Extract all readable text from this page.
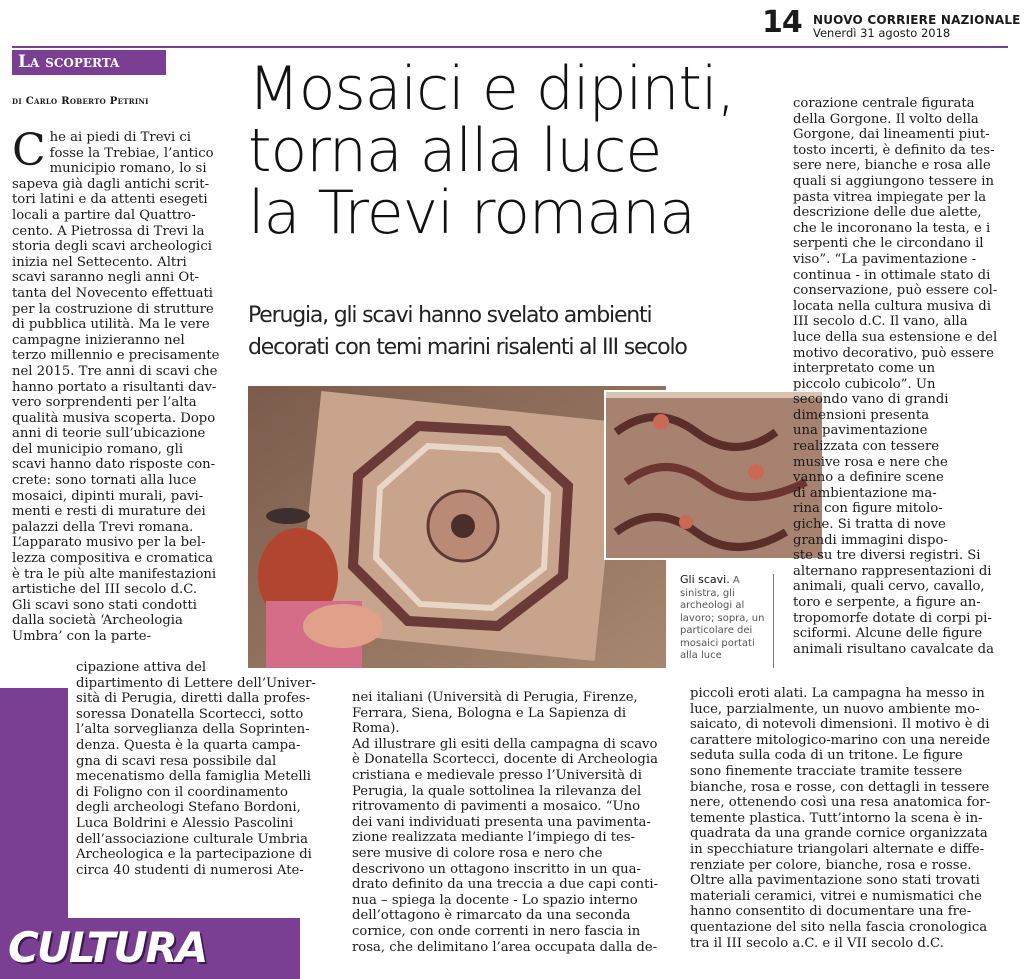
14 NUOVO CORRIERE NAZIONALE
Venerdì 31 agosto 2018
La scoperta
di Carlo Roberto Petrini Mosaici e dipinti,
torna alla luce
la Trevi romana
Perugia, gli scavi hanno svelato ambienti
decorati con temi marini risalenti al III secolo
C he ai piedi di Trevi ci
fosse la Trebiae, l’antico
municipio romano, lo si
sapeva già dagli antichi scrit-
tori latini e da attenti esegeti
locali a partire dal Quattro-
cento. A Pietrossa di Trevi la
storia degli scavi archeologici
inizia nel Settecento. Altri
scavi saranno negli anni Ot-
tanta del Novecento effettuati
per la costruzione di strutture
di pubblica utilità. Ma le vere
campagne inizieranno nel
terzo millennio e precisamente
nel 2015. Tre anni di scavi che
hanno portato a risultanti dav-
vero sorprendenti per l’alta
qualità musiva scoperta. Dopo
anni di teorie sull’ubicazione
del municipio romano, gli
scavi hanno dato risposte con-
crete: sono tornati alla luce
mosaici, dipinti murali, pavi-
menti e resti di murature dei
palazzi della Trevi romana.
L’apparato musivo per la bel-
lezza compositiva e cromatica
è tra le più alte manifestazioni
artistiche del III secolo d.C.
Gli scavi sono stati condotti
dalla società ‘Archeologia
Umbra’ con la parte-
Gli scavi. A sinistra, gli archeologi al lavoro; sopra, un particolare dei mosaici portati alla luce
corazione centrale figurata
della Gorgone. Il volto della
Gorgone, dai lineamenti piut-
tosto incerti, è definito da tes-
sere nere, bianche e rosa alle
quali si aggiungono tessere in
pasta vitrea impiegate per la
descrizione delle due alette,
che le incoronano la testa, e i
serpenti che le circondano il
viso”. “La pavimentazione -
continua - in ottimale stato di
conservazione, può essere col-
locata nella cultura musiva di
III secolo d.C. Il vano, alla
luce della sua estensione e del
motivo decorativo, può essere
interpretato come un
piccolo cubicolo”. Un
secondo vano di grandi
dimensioni presenta
una pavimentazione
realizzata con tessere
musive rosa e nere che
vanno a definire scene
di ambientazione ma-
rina con figure mitolo-
giche. Si tratta di nove
grandi immagini dispo-
ste su tre diversi registri. Si
alternano rappresentazioni di
animali, quali cervo, cavallo,
toro e serpente, a figure an-
tropomorfe dotate di corpi pi-
sciformi. Alcune delle figure
animali risultano cavalcate da
cipazione attiva del
dipartimento di Lettere dell’Univer-
sità di Perugia, diretti dalla profes-
soressa Donatella Scortecci, sotto
l’alta sorveglianza della Soprinten-
denza. Questa è la quarta campa-
gna di scavi resa possibile dal
mecenatismo della famiglia Metelli
di Foligno con il coordinamento
degli archeologi Stefano Bordoni,
Luca Boldrini e Alessio Pascolini
dell’associazione culturale Umbria
Archeologica e la partecipazione di
circa 40 studenti di numerosi Ate-
nei italiani (Università di Perugia, Firenze,
Ferrara, Siena, Bologna e La Sapienza di
Roma).
Ad illustrare gli esiti della campagna di scavo
è Donatella Scortecci, docente di Archeologia
cristiana e medievale presso l’Università di
Perugia, la quale sottolinea la rilevanza del
ritrovamento di pavimenti a mosaico. “Uno
dei vani individuati presenta una pavimenta-
zione realizzata mediante l’impiego di tes-
sere musive di colore rosa e nero che
descrivono un ottagono inscritto in un qua-
drato definito da una treccia a due capi conti-
nua – spiega la docente - Lo spazio interno
dell’ottagono è rimarcato da una seconda
cornice, con onde correnti in nero fascia in
rosa, che delimitano l’area occupata dalla de-
piccoli eroti alati. La campagna ha messo in
luce, parzialmente, un nuovo ambiente mo-
saicato, di notevoli dimensioni. Il motivo è di
carattere mitologico-marino con una nereide
seduta sulla coda di un tritone. Le figure
sono finemente tracciate tramite tessere
bianche, rosa e rosse, con dettagli in tessere
nere, ottenendo così una resa anatomica for-
temente plastica. Tutt’intorno la scena è in-
quadrata da una grande cornice organizzata
in specchiature triangolari alternate e diffe-
renziate per colore, bianche, rosa e rosse.
Oltre alla pavimentazione sono stati trovati
materiali ceramici, vitrei e numismatici che
hanno consentito di documentare una fre-
quentazione del sito nella fascia cronologica
tra il III secolo a.C. e il VII secolo d.C.
CULTURA
